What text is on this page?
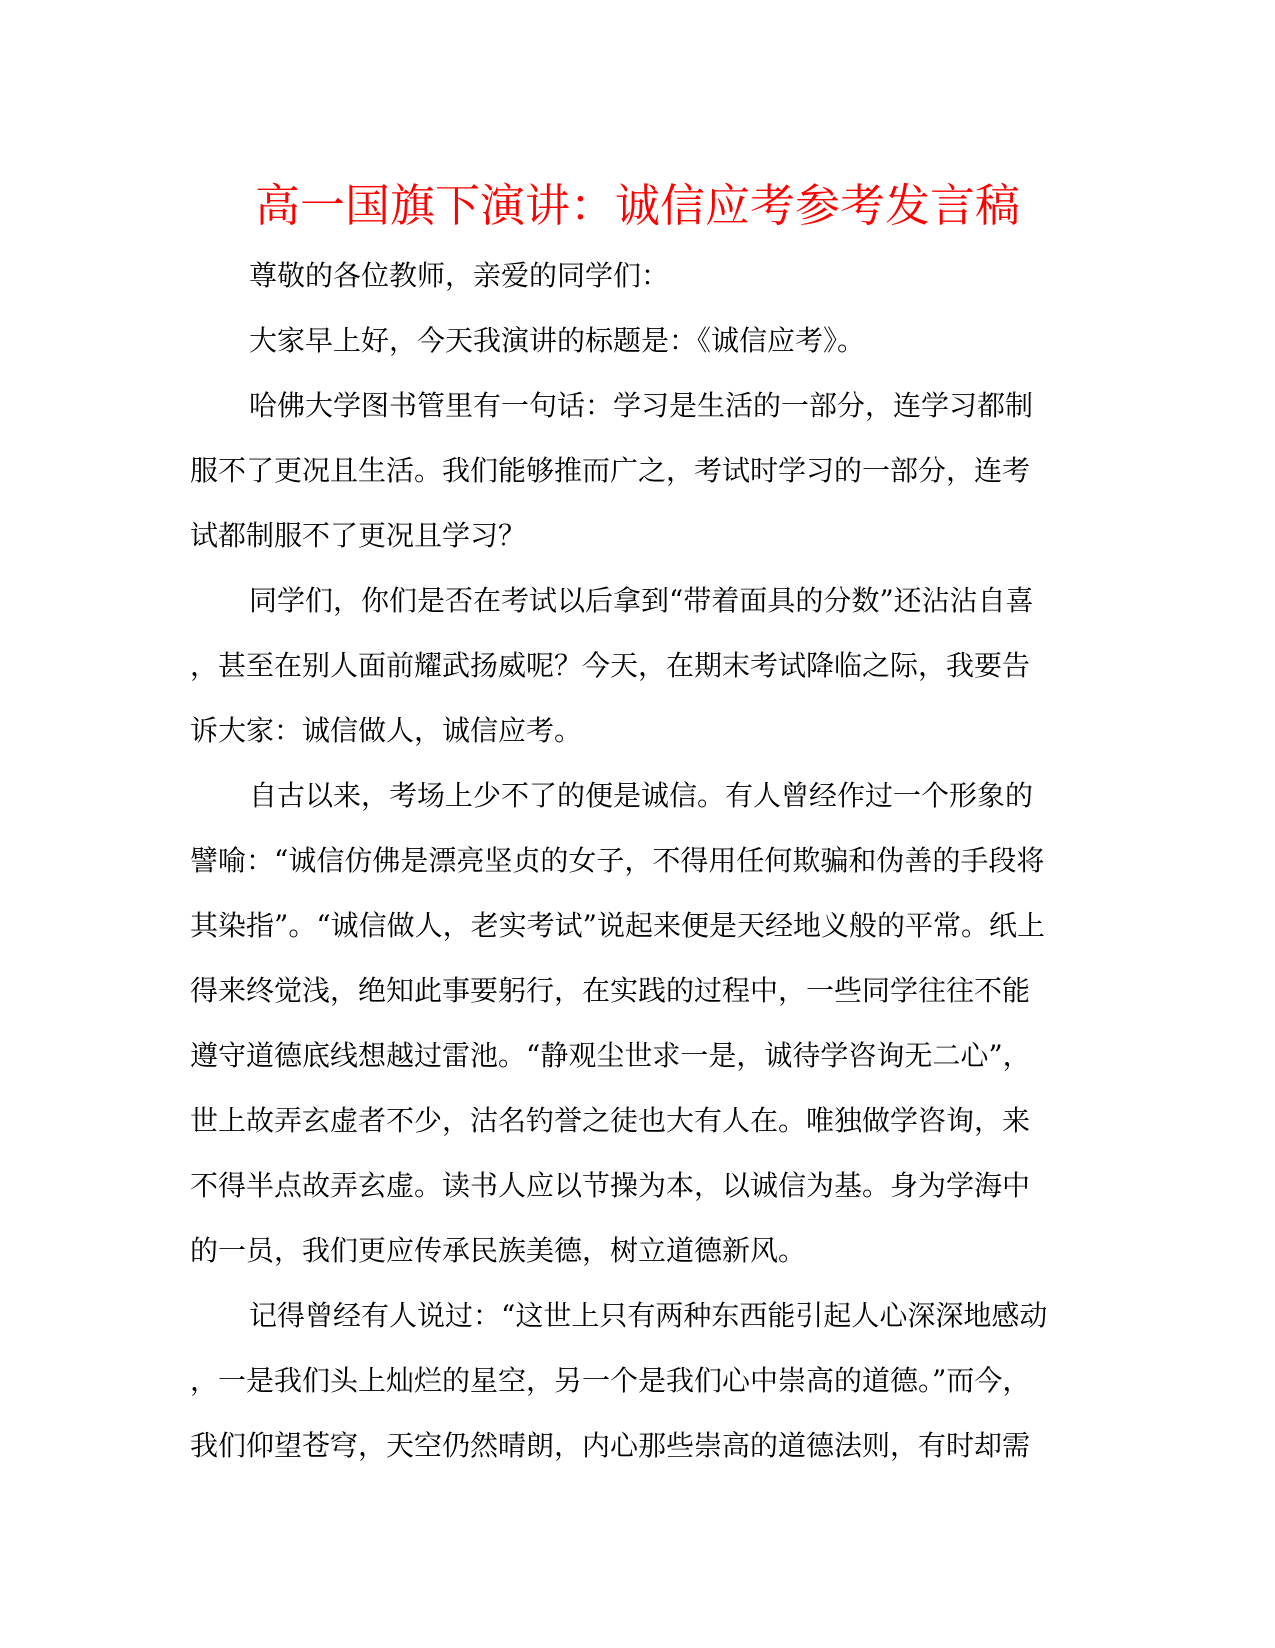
高一国旗下演讲：诚信应考参考发言稿
尊敬的各位教师，亲爱的同学们：
大家早上好，今天我演讲的标题是：《诚信应考》。
哈佛大学图书管里有一句话：学习是生活的一部分，连学习都制
服不了更况且生活。我们能够推而广之，考试时学习的一部分，连考
试都制服不了更况且学习？
同学们，你们是否在考试以后拿到“带着面具的分数”还沾沾自喜
，甚至在别人面前耀武扬威呢？今天，在期末考试降临之际，我要告
诉大家：诚信做人，诚信应考。
自古以来，考场上少不了的便是诚信。有人曾经作过一个形象的
譬喻：“诚信仿佛是漂亮坚贞的女子，不得用任何欺骗和伪善的手段将
其染指”。“诚信做人，老实考试”说起来便是天经地义般的平常。纸上
得来终觉浅，绝知此事要躬行，在实践的过程中，一些同学往往不能
遵守道德底线想越过雷池。“静观尘世求一是，诚待学咨询无二心”，
世上故弄玄虚者不少，沽名钓誉之徒也大有人在。唯独做学咨询，来
不得半点故弄玄虚。读书人应以节操为本，以诚信为基。身为学海中
的一员，我们更应传承民族美德，树立道德新风。
记得曾经有人说过：“这世上只有两种东西能引起人心深深地感动
，一是我们头上灿烂的星空，另一个是我们心中崇高的道德。”而今，
我们仰望苍穹，天空仍然晴朗，内心那些崇高的道德法则，有时却需
